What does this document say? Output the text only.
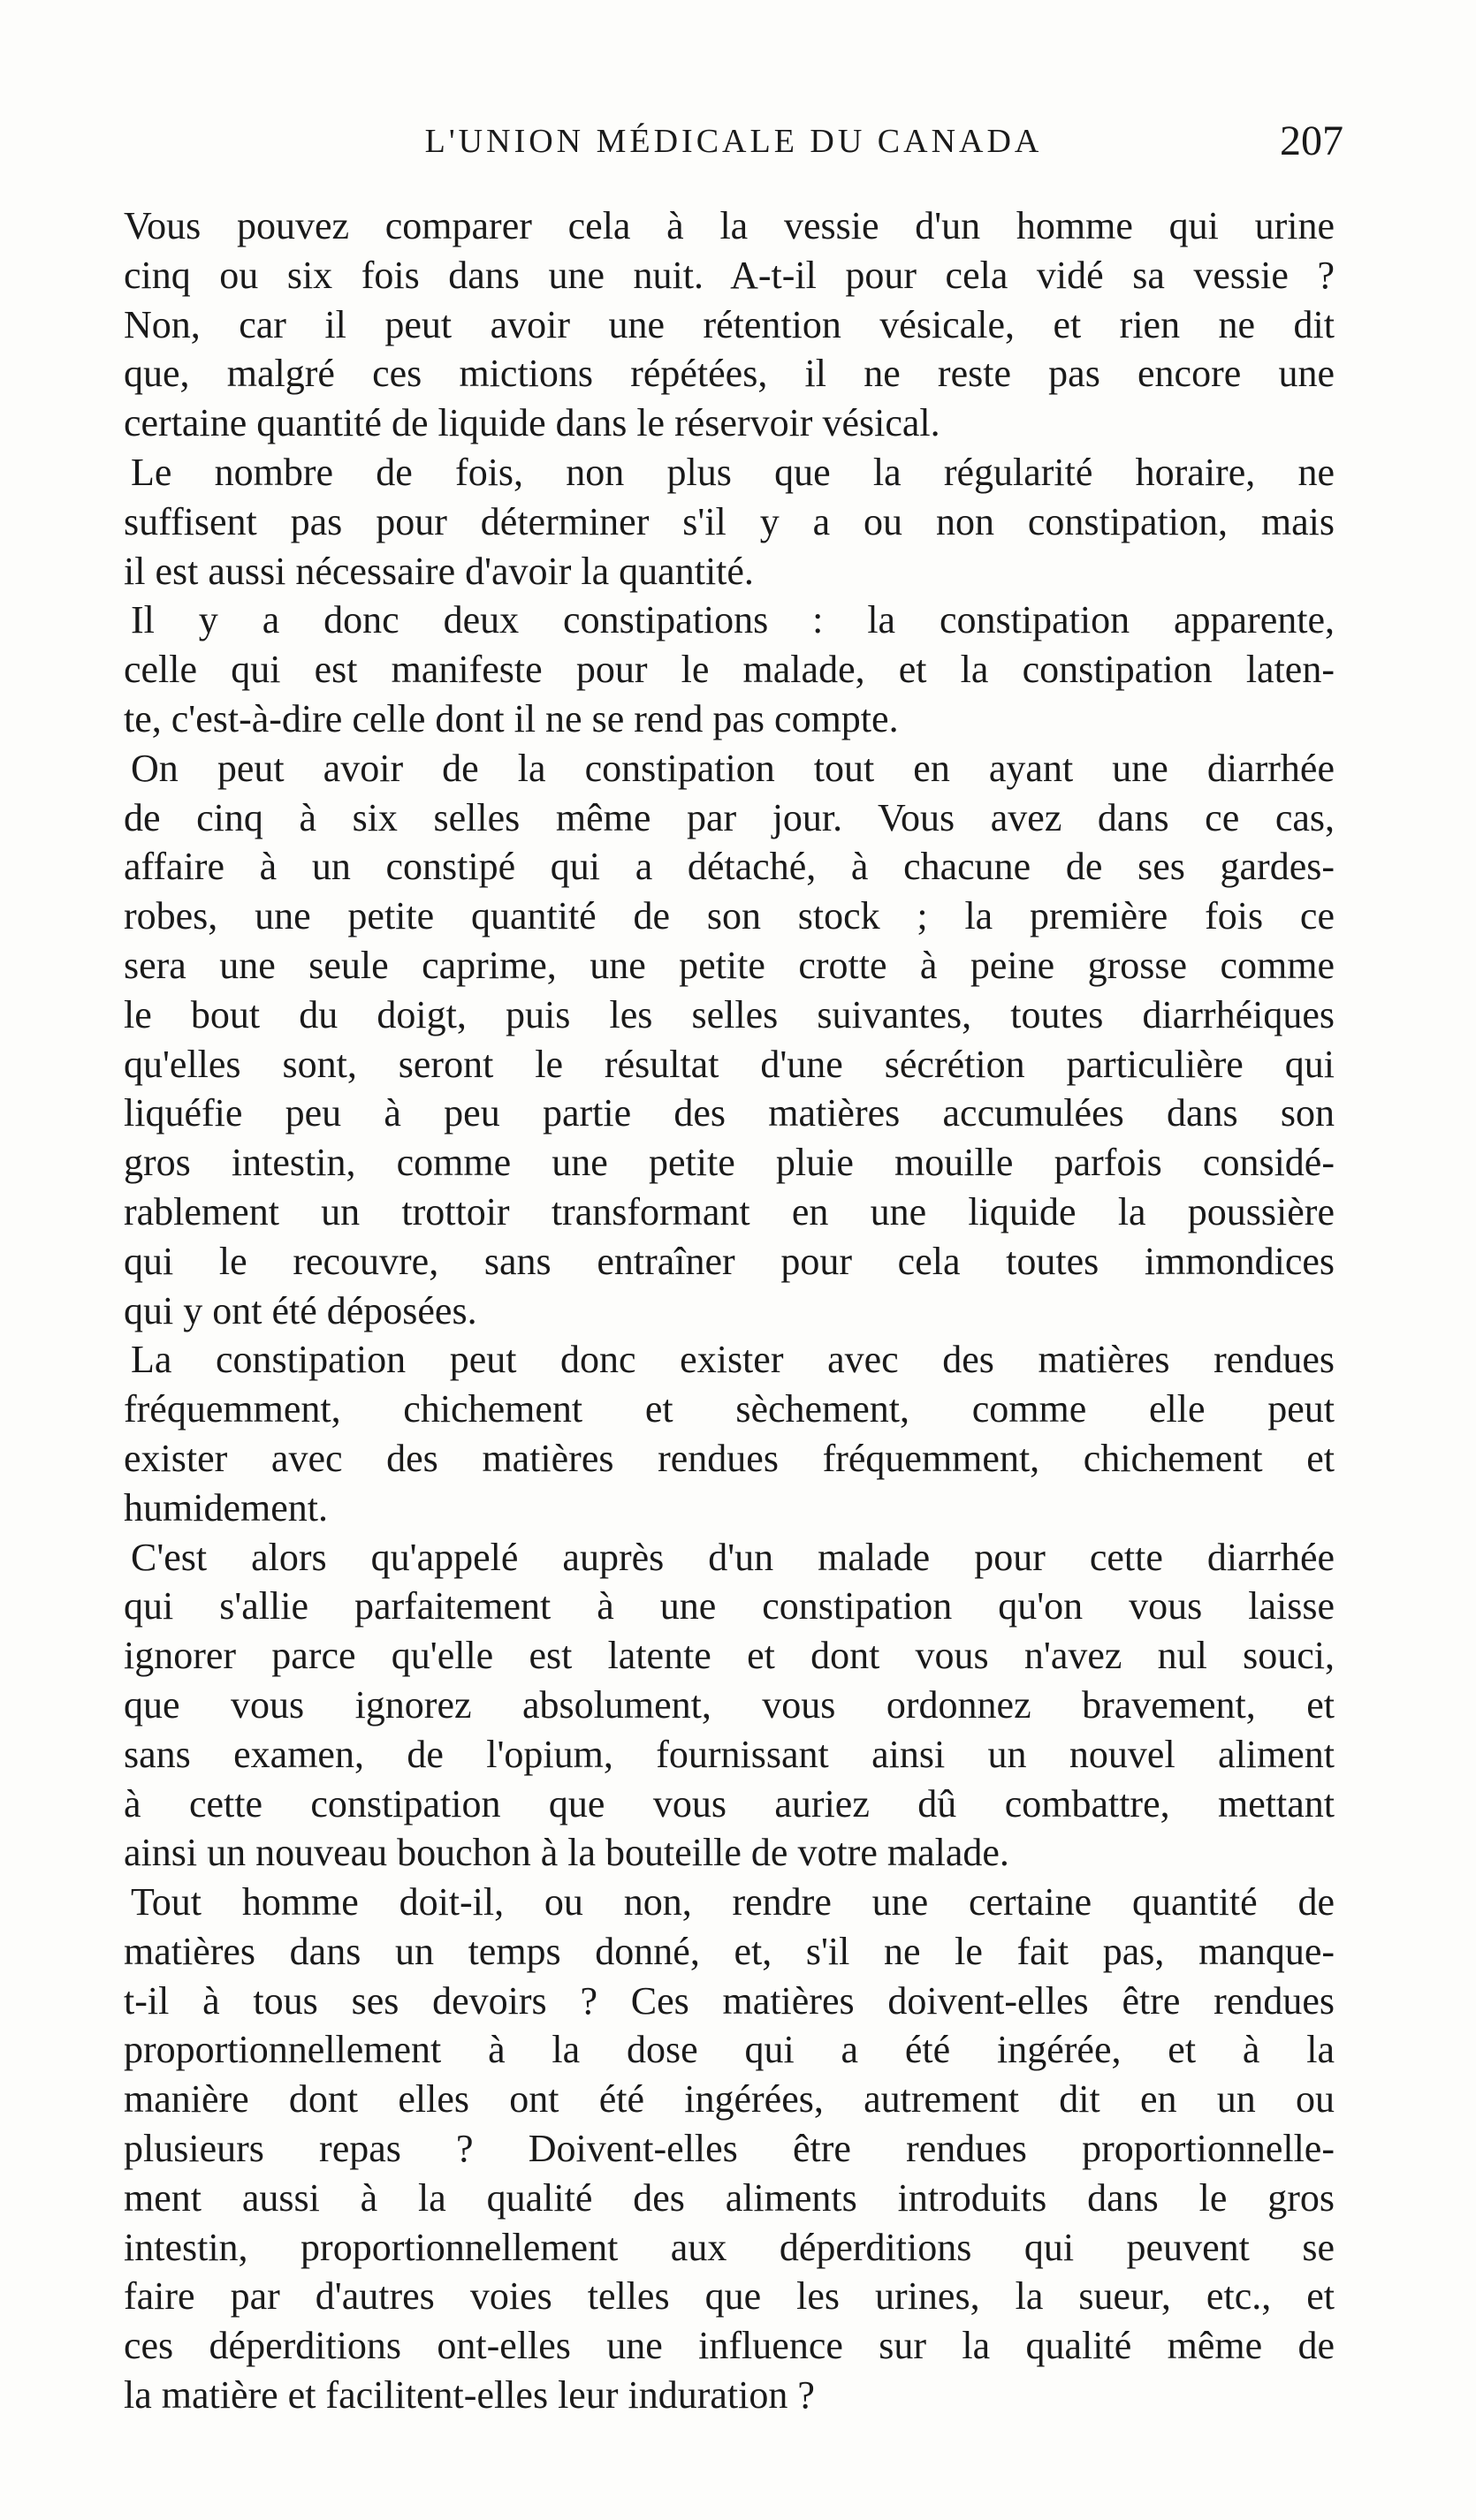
L'UNION MÉDICALE DU CANADA	207
Vous pouvez comparer cela à la vessie d'un homme qui urine
cinq ou six fois dans une nuit. A-t-il pour cela vidé sa vessie ?
Non, car il peut avoir une rétention vésicale, et rien ne dit
que, malgré ces mictions répétées, il ne reste pas encore une
certaine quantité de liquide dans le réservoir vésical.
Le nombre de fois, non plus que la régularité horaire, ne
suffisent pas pour déterminer s'il y a ou non constipation, mais
il est aussi nécessaire d'avoir la quantité.
Il y a donc deux constipations : la constipation apparente,
celle qui est manifeste pour le malade, et la constipation laten-
te, c'est-à-dire celle dont il ne se rend pas compte.
On peut avoir de la constipation tout en ayant une diarrhée
de cinq à six selles même par jour. Vous avez dans ce cas,
affaire à un constipé qui a détaché, à chacune de ses gardes-
robes, une petite quantité de son stock ; la première fois ce
sera une seule caprime, une petite crotte à peine grosse comme
le bout du doigt, puis les selles suivantes, toutes diarrhéiques
qu'elles sont, seront le résultat d'une sécrétion particulière qui
liquéfie peu à peu partie des matières accumulées dans son
gros intestin, comme une petite pluie mouille parfois considé-
rablement un trottoir transformant en une liquide la poussière
qui le recouvre, sans entraîner pour cela toutes immondices
qui y ont été déposées.
La constipation peut donc exister avec des matières rendues
fréquemment, chichement et sèchement, comme elle peut
exister avec des matières rendues fréquemment, chichement et
humidement.
C'est alors qu'appelé auprès d'un malade pour cette diarrhée
qui s'allie parfaitement à une constipation qu'on vous laisse
ignorer parce qu'elle est latente et dont vous n'avez nul souci,
que vous ignorez absolument, vous ordonnez bravement, et
sans examen, de l'opium, fournissant ainsi un nouvel aliment
à cette constipation que vous auriez dû combattre, mettant
ainsi un nouveau bouchon à la bouteille de votre malade.
Tout homme doit-il, ou non, rendre une certaine quantité de
matières dans un temps donné, et, s'il ne le fait pas, manque-
t-il à tous ses devoirs ? Ces matières doivent-elles être rendues
proportionnellement à la dose qui a été ingérée, et à la
manière dont elles ont été ingérées, autrement dit en un ou
plusieurs repas ? Doivent-elles être rendues proportionnelle-
ment aussi à la qualité des aliments introduits dans le gros
intestin, proportionnellement aux déperditions qui peuvent se
faire par d'autres voies telles que les urines, la sueur, etc., et
ces déperditions ont-elles une influence sur la qualité même de
la matière et facilitent-elles leur induration ?
